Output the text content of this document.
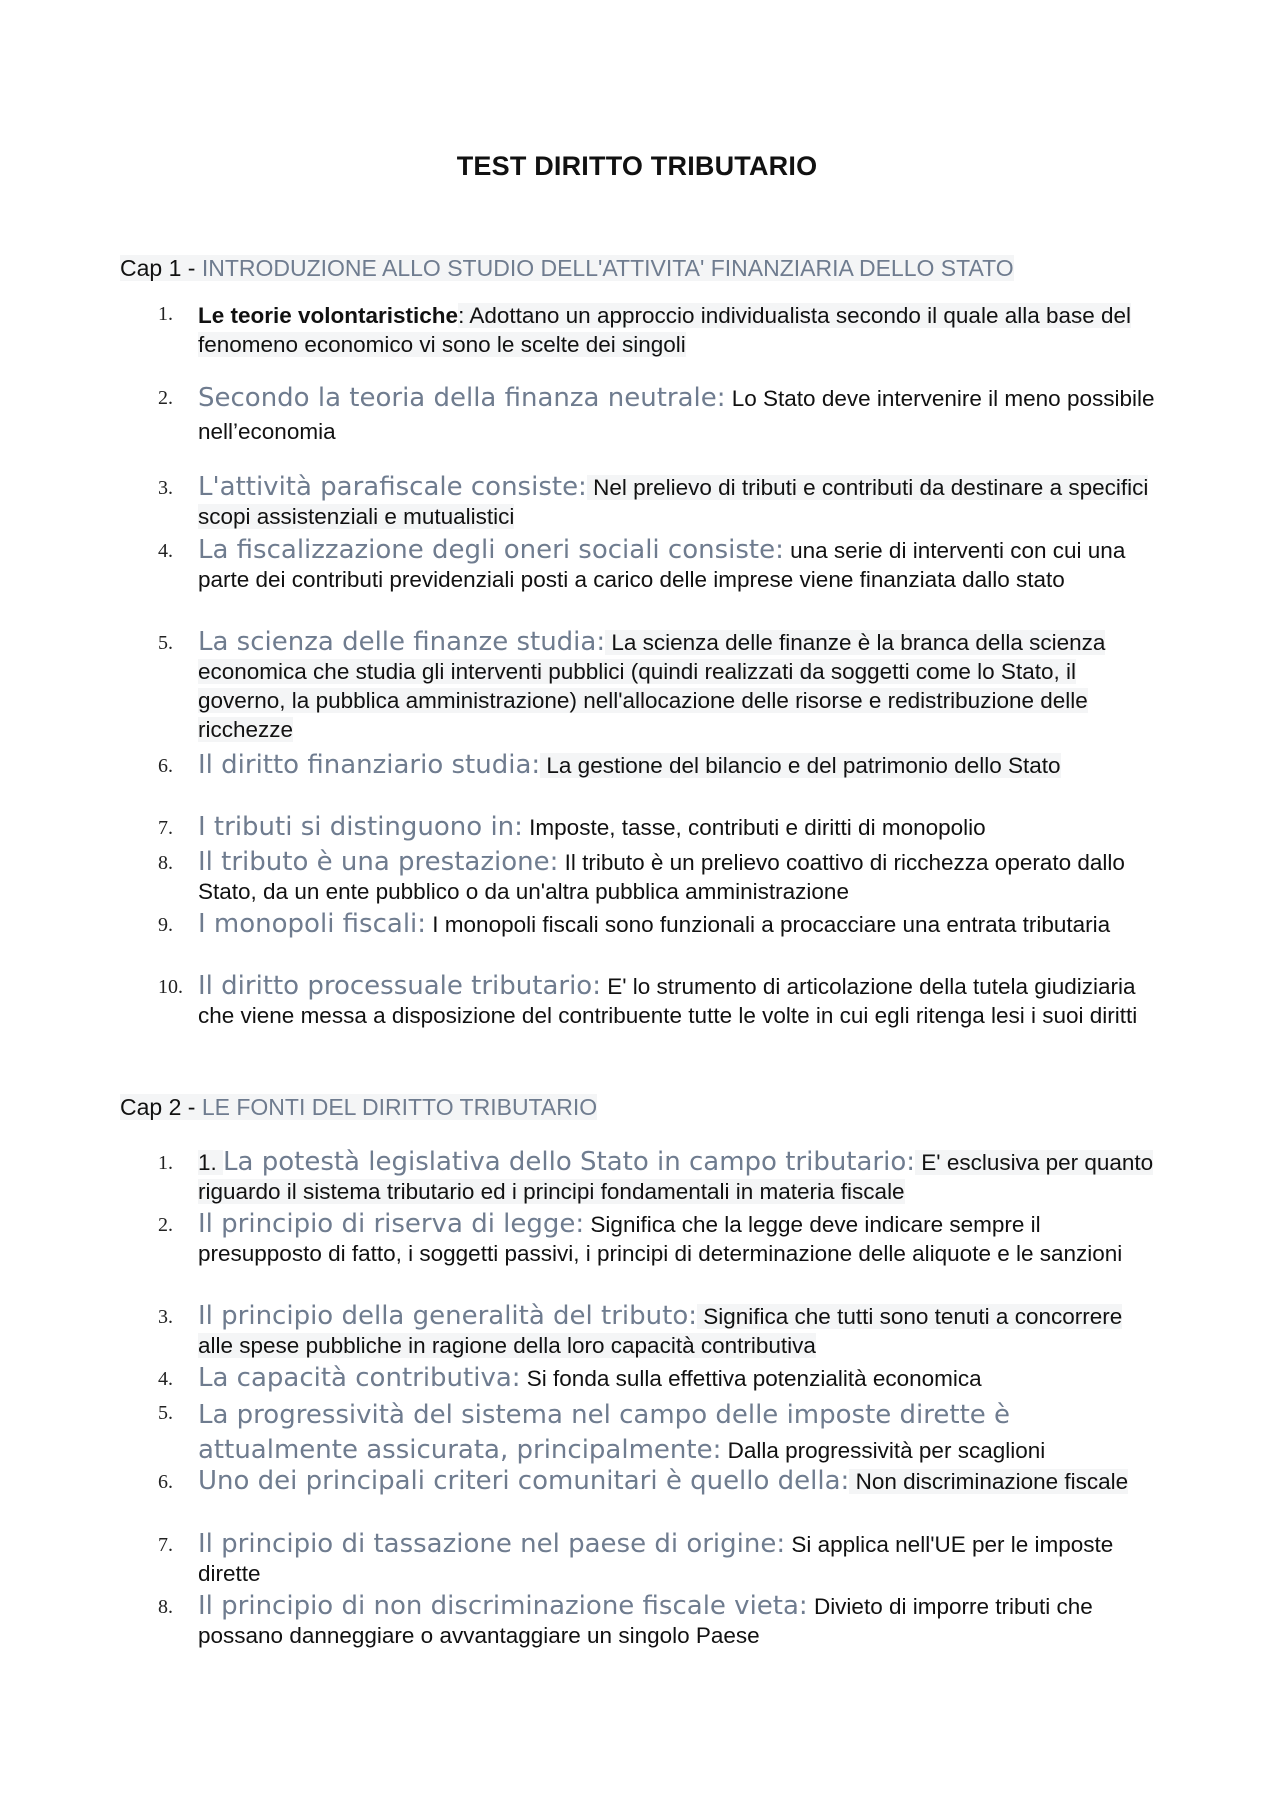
TEST DIRITTO TRIBUTARIO
Cap 1 - INTRODUZIONE ALLO STUDIO DELL'ATTIVITA' FINANZIARIA DELLO STATO
1.	Le teorie volontaristiche: Adottano un approccio individualista secondo il quale alla base del fenomeno economico vi sono le scelte dei singoli
2. Secondo la teoria della finanza neutrale: Lo Stato deve intervenire il meno possibile nell’economia
3. L'attività parafiscale consiste: Nel prelievo di tributi e contributi da destinare a specifici scopi assistenziali e mutualistici
4. La fiscalizzazione degli oneri sociali consiste: una serie di interventi con cui una parte dei contributi previdenziali posti a carico delle imprese viene finanziata dallo stato
5. La scienza delle finanze studia: La scienza delle finanze è la branca della scienza economica che studia gli interventi pubblici (quindi realizzati da soggetti come lo Stato, il governo, la pubblica amministrazione) nell'allocazione delle risorse e redistribuzione delle ricchezze
6. Il diritto finanziario studia: La gestione del bilancio e del patrimonio dello Stato
7. I tributi si distinguono in: Imposte, tasse, contributi e diritti di monopolio
8. Il tributo è una prestazione: Il tributo è un prelievo coattivo di ricchezza operato dallo Stato, da un ente pubblico o da un'altra pubblica amministrazione
9. I monopoli fiscali: I monopoli fiscali sono funzionali a procacciare una entrata tributaria
10. Il diritto processuale tributario: E' lo strumento di articolazione della tutela giudiziaria che viene messa a disposizione del contribuente tutte le volte in cui egli ritenga lesi i suoi diritti
Cap 2 - LE FONTI DEL DIRITTO TRIBUTARIO
1.	1. La potestà legislativa dello Stato in campo tributario: E' esclusiva per quanto riguardo il sistema tributario ed i principi fondamentali in materia fiscale
2. Il principio di riserva di legge: Significa che la legge deve indicare sempre il presupposto di fatto, i soggetti passivi, i principi di determinazione delle aliquote e le sanzioni
3. Il principio della generalità del tributo: Significa che tutti sono tenuti a concorrere alle spese pubbliche in ragione della loro capacità contributiva
4. La capacità contributiva: Si fonda sulla effettiva potenzialità economica
5. La progressività del sistema nel campo delle imposte dirette è attualmente assicurata, principalmente: Dalla progressività per scaglioni
6. Uno dei principali criteri comunitari è quello della: Non discriminazione fiscale
7. Il principio di tassazione nel paese di origine: Si applica nell'UE per le imposte dirette
8. Il principio di non discriminazione fiscale vieta: Divieto di imporre tributi che possano danneggiare o avvantaggiare un singolo Paese
